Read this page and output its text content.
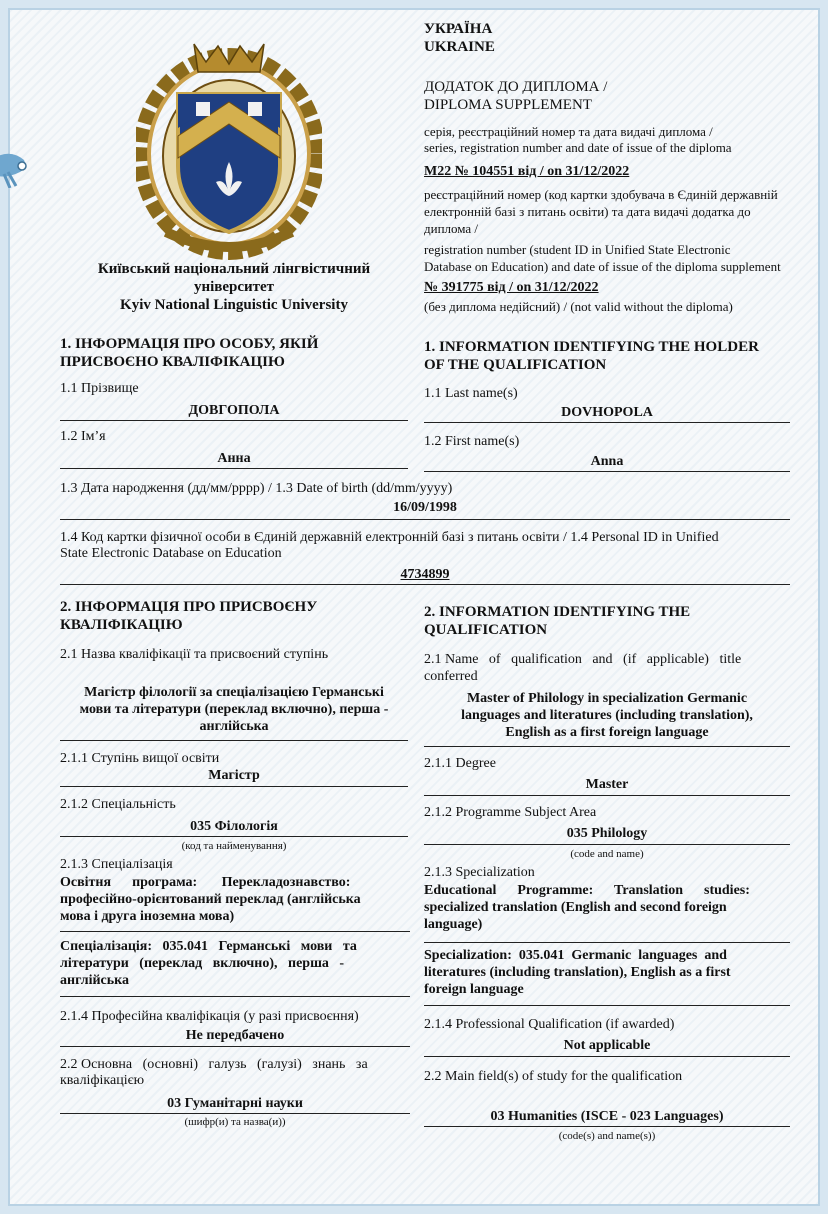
Київський національний лінгвістичний
університет
Kyiv National Linguistic University
УКРАЇНА
UKRAINE
ДОДАТОК ДО ДИПЛОМА /
DIPLOMA SUPPLEMENT
серія, реєстраційний номер та дата видачі диплома /
series, registration number and date of issue of the diploma
М22 № 104551 від / on 31/12/2022
реєстраційний номер (код картки здобувача в Єдиній державній
електронній базі з питань освіти) та дата видачі додатка до
диплома /
registration number (student ID in Unified State Electronic
Database on Education) and date of issue of the diploma supplement
№ 391775 від / on 31/12/2022
(без диплома недійсний) / (not valid without the diploma)
1. ІНФОРМАЦІЯ ПРО ОСОБУ, ЯКІЙ
ПРИСВОЄНО КВАЛІФІКАЦІЮ
1. INFORMATION IDENTIFYING THE HOLDER
OF THE QUALIFICATION
1.1 Прізвище
ДОВГОПОЛА
1.1 Last name(s)
DOVHOPOLA
1.2 Ім’я
Анна
1.2 First name(s)
Anna
1.3 Дата народження (дд/мм/рррр) / 1.3 Date of birth (dd/mm/yyyy)
16/09/1998
1.4 Код картки фізичної особи в Єдиній державній електронній базі з питань освіти / 1.4 Personal ID in Unified
State Electronic Database on Education
4734899
2. ІНФОРМАЦІЯ ПРО ПРИСВОЄНУ
КВАЛІФІКАЦІЮ
2. INFORMATION IDENTIFYING THE
QUALIFICATION
2.1 Назва кваліфікації та присвоєний ступінь	2.1 Name   of   qualification   and   (if   applicable)   title
conferred
Магістр філології за спеціалізацією Германські
мови та літератури (переклад включно), перша -
англійська
Master of Philology in specialization Germanic
languages and literatures (including translation),
English as a first foreign language
2.1.1 Ступінь вищої освіти
Магістр
2.1.1 Degree
Master
2.1.2 Спеціальність
035 Філологія
(код та найменування)
2.1.2 Programme Subject Area
035 Philology
(code and name)
2.1.3 Спеціалізація
2.1.3 Specialization
Освітня      програма:       Перекладознавство:
професійно-орієнтований переклад (англійська
мова і друга іноземна мова)
Educational      Programme:      Translation      studies:
specialized translation (English and second foreign
language)
Спеціалізація:   035.041   Германські   мови   та
літератури   (переклад   включно),   перша   -
англійська
Specialization:  035.041  Germanic  languages  and
literatures (including translation), English as a first
foreign language
2.1.4 Професійна кваліфікація (у разі присвоєння)
Не передбачено
2.1.4 Professional Qualification (if awarded)
Not applicable
2.2 Основна   (основні)   галузь   (галузі)   знань   за
кваліфікацією
03 Гуманітарні науки
(шифр(и) та назва(и))
2.2 Main field(s) of study for the qualification
03 Humanities (ISCE - 023 Languages)
(code(s) and name(s))
